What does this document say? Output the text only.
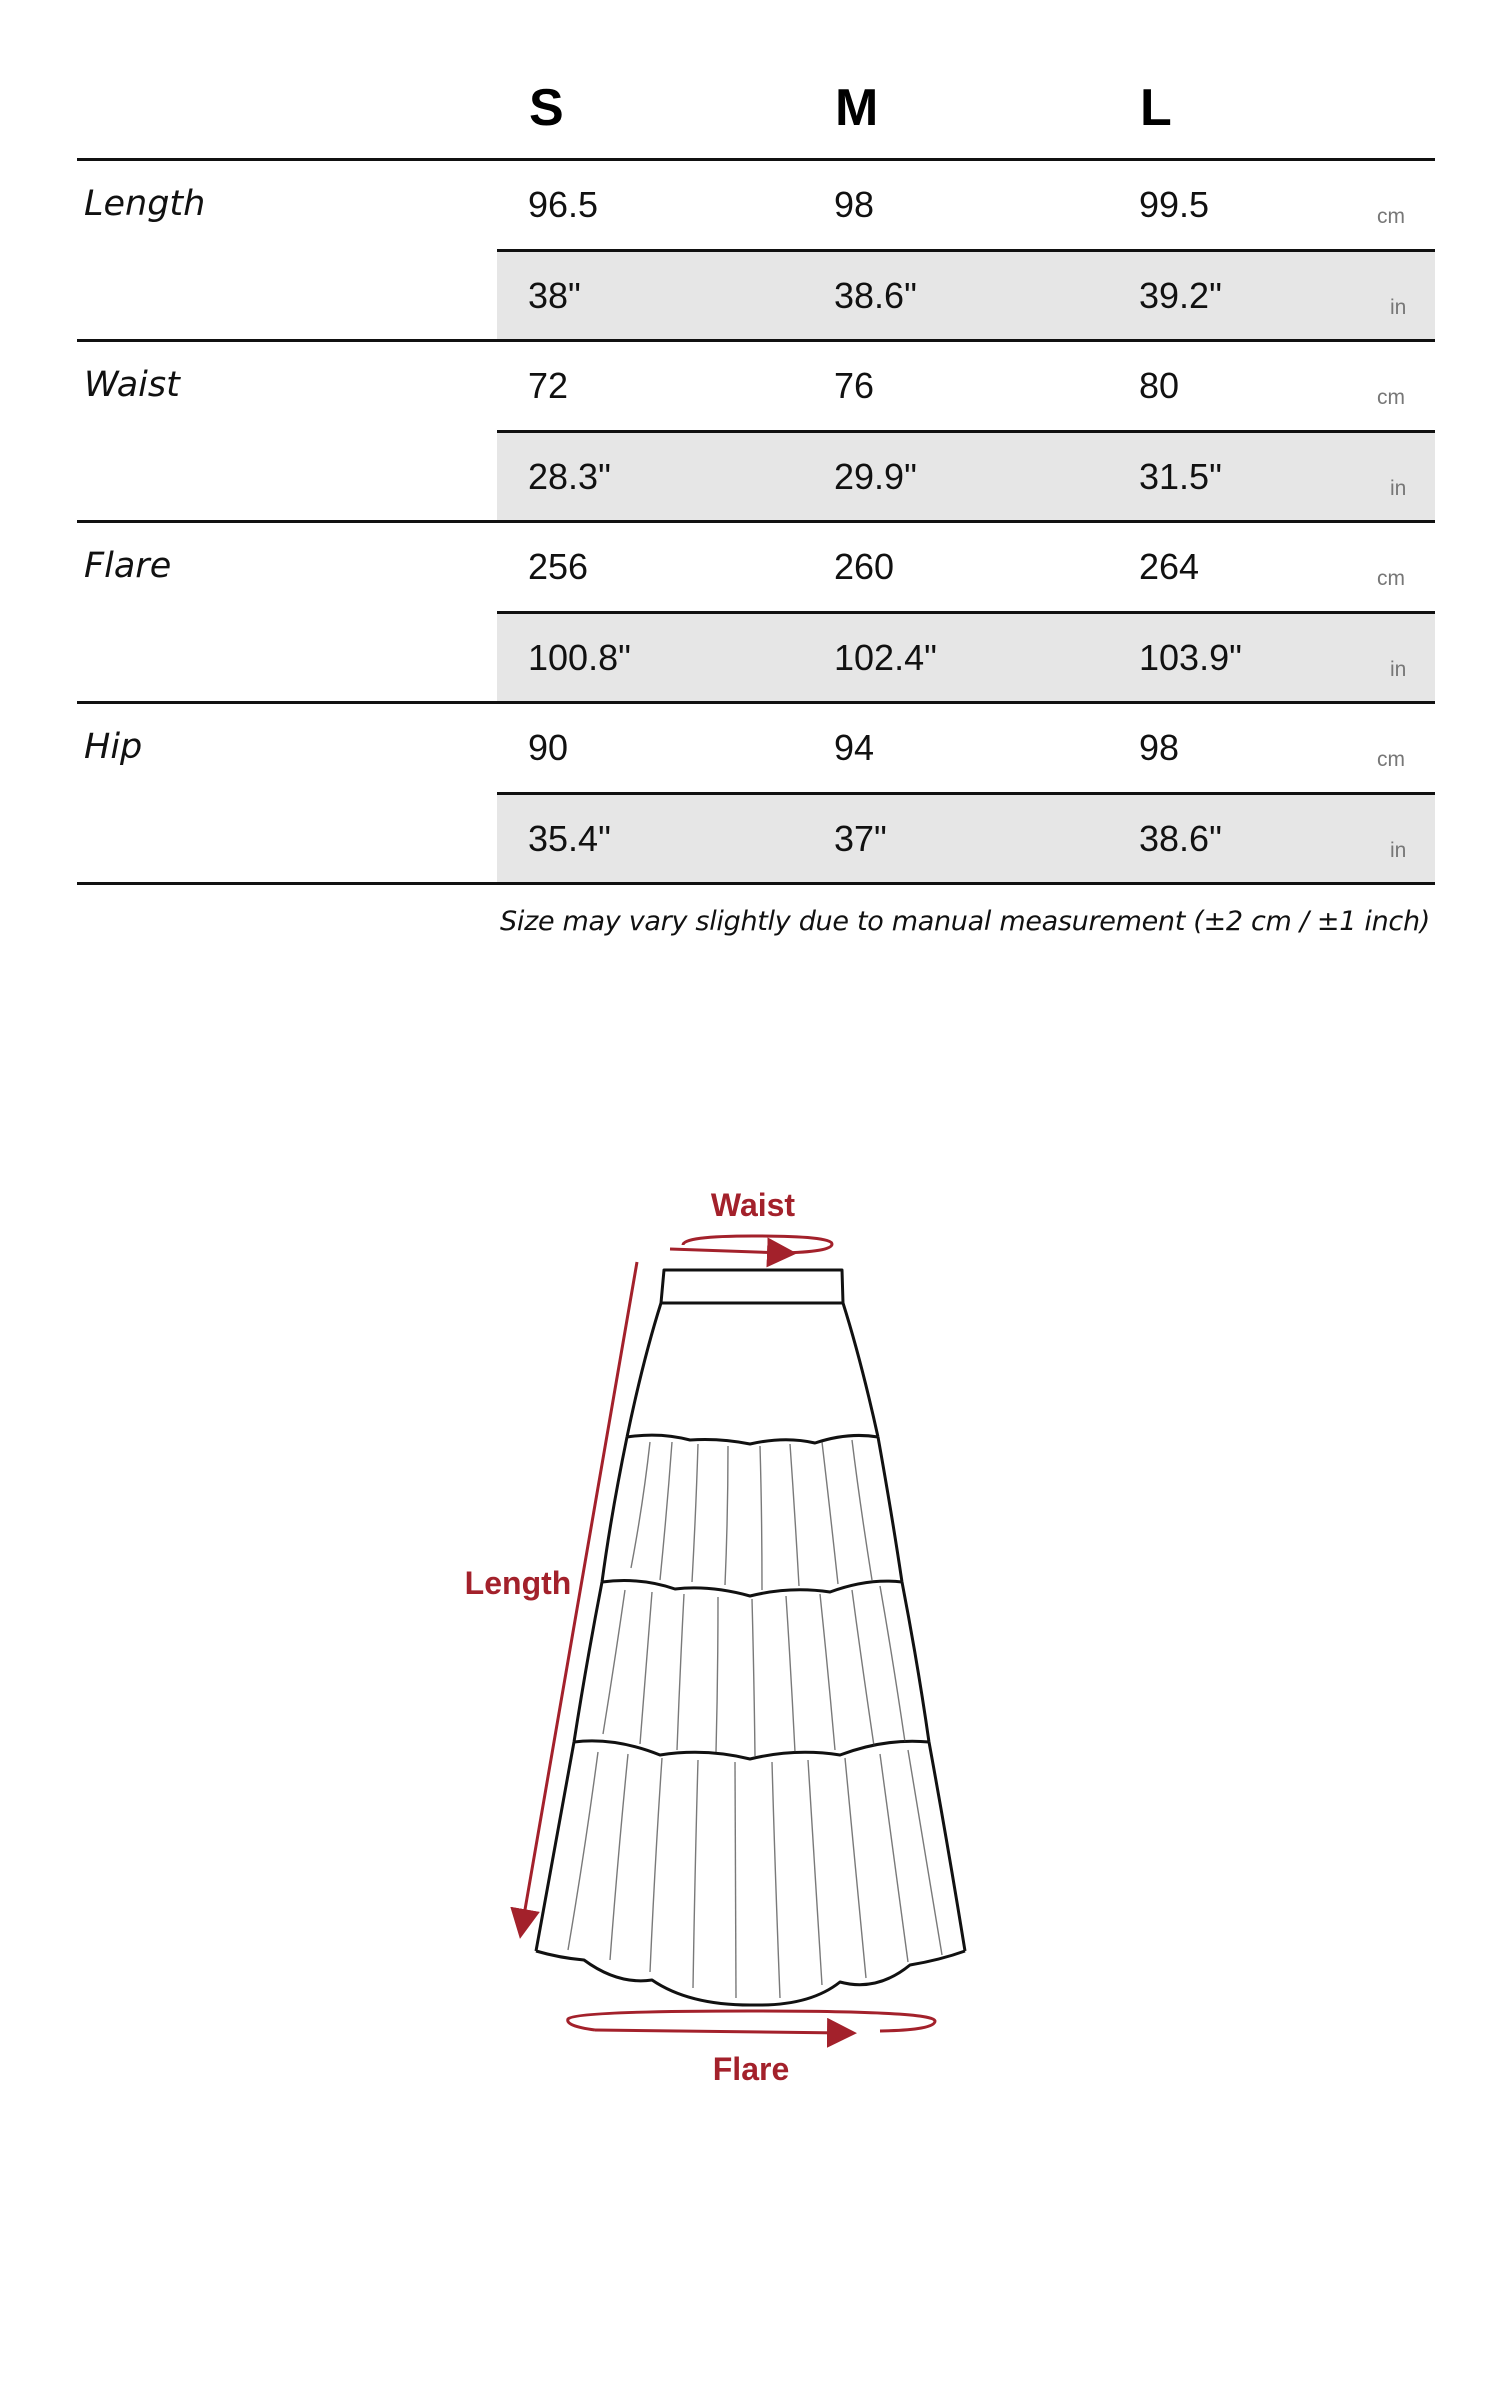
S	M	L
Length	96.5	98	99.5	cm
38"	38.6"	39.2"	in
Waist	72	76	80	cm
28.3"	29.9"	31.5"	in
Flare	256	260	264	cm
100.8"	102.4"	103.9"	in
Hip	90	94	98	cm
35.4"	37"	38.6"	in
Size may vary slightly due to manual measurement (±2 cm / ±1 inch)
Waist
Length
Flare
